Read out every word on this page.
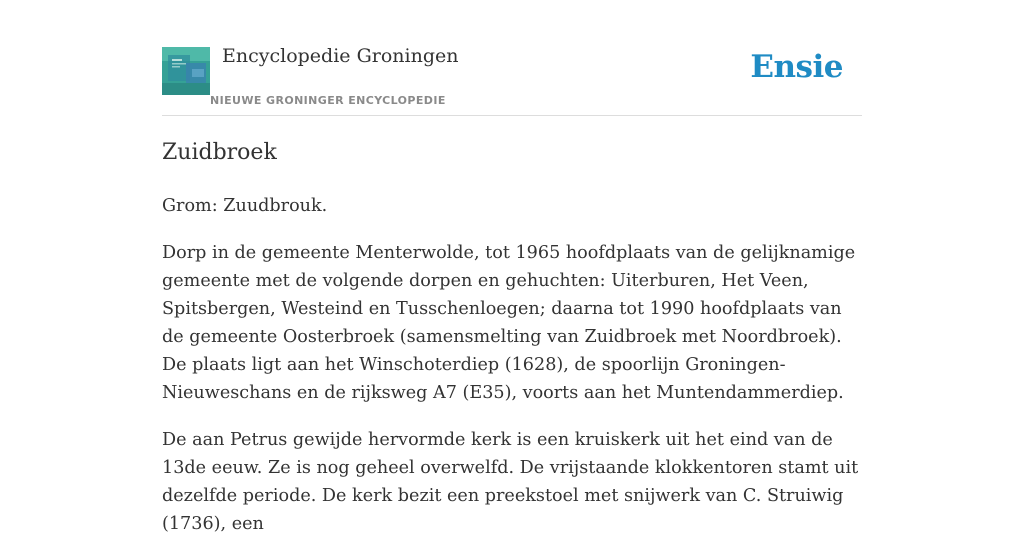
Encyclopedie Groningen
NIEUWE GRONINGER ENCYCLOPEDIE
Ensie
Zuidbroek

Grom: Zuudbrouk.

Dorp in de gemeente Menterwolde, tot 1965 hoofdplaats van de gelijknamige gemeente met de volgende dorpen en gehuchten: Uiterburen, Het Veen, Spitsbergen, Westeind en Tusschenloegen; daarna tot 1990 hoofdplaats van de gemeente Oosterbroek (samensmelting van Zuidbroek met Noordbroek). De plaats ligt aan het Winschoterdiep (1628), de spoorlijn Groningen-Nieuweschans en de rijksweg A7 (E35), voorts aan het Muntendammerdiep.

De aan Petrus gewijde hervormde kerk is een kruiskerk uit het eind van de 13de eeuw. Ze is nog geheel overwelfd. De vrijstaande klokkentoren stamt uit dezelfde periode. De kerk bezit een preekstoel met snijwerk van C. Struiwig (1736), een
